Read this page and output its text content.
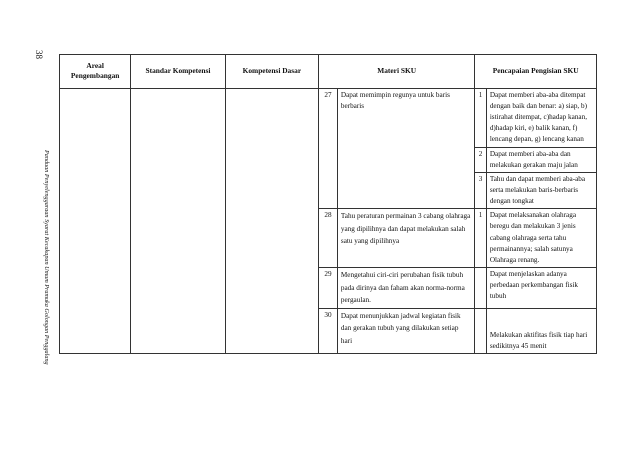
38
Panduan Penyelenggaraan Syarat Kecakapan Umum Pramuka Golongan Penggalang
Areal Pengembangan	Standar Kompetensi	Kompetensi Dasar	Materi SKU		Pencapaian Pengisian SKU	
			27	Dapat memimpin regunya untuk baris berbaris	1	Dapat memberi aba-aba ditempat dengan baik dan benar: a) siap, b) istirahat ditempat, c)hadap kanan, d)hadap kiri, e) balik kanan, f) lencang depan, g) lencang kanan
					2	Dapat memberi aba-aba dan melakukan gerakan maju jalan
					3	Tahu dan dapat memberi aba-aba serta melakukan baris-berbaris dengan tongkat
			28	Tahu peraturan permainan 3 cabang olahraga yang dipilihnya dan dapat melakukan salah satu yang dipilihnya	1	Dapat melaksanakan olahraga beregu dan melakukan 3 jenis cabang olahraga serta tahu permainannya; salah satunya Olahraga renang.
			29	Mengetahui ciri-ciri perubahan fisik tubuh pada dirinya dan faham akan norma-norma pergaulan.		Dapat menjelaskan adanya perbedaan perkembangan fisik tubuh
			30	Dapat menunjukkan jadwal kegiatan fisik dan gerakan tubuh yang dilakukan setiap hari		Melakukan aktifitas fisik tiap hari sedikitnya 45 menit
